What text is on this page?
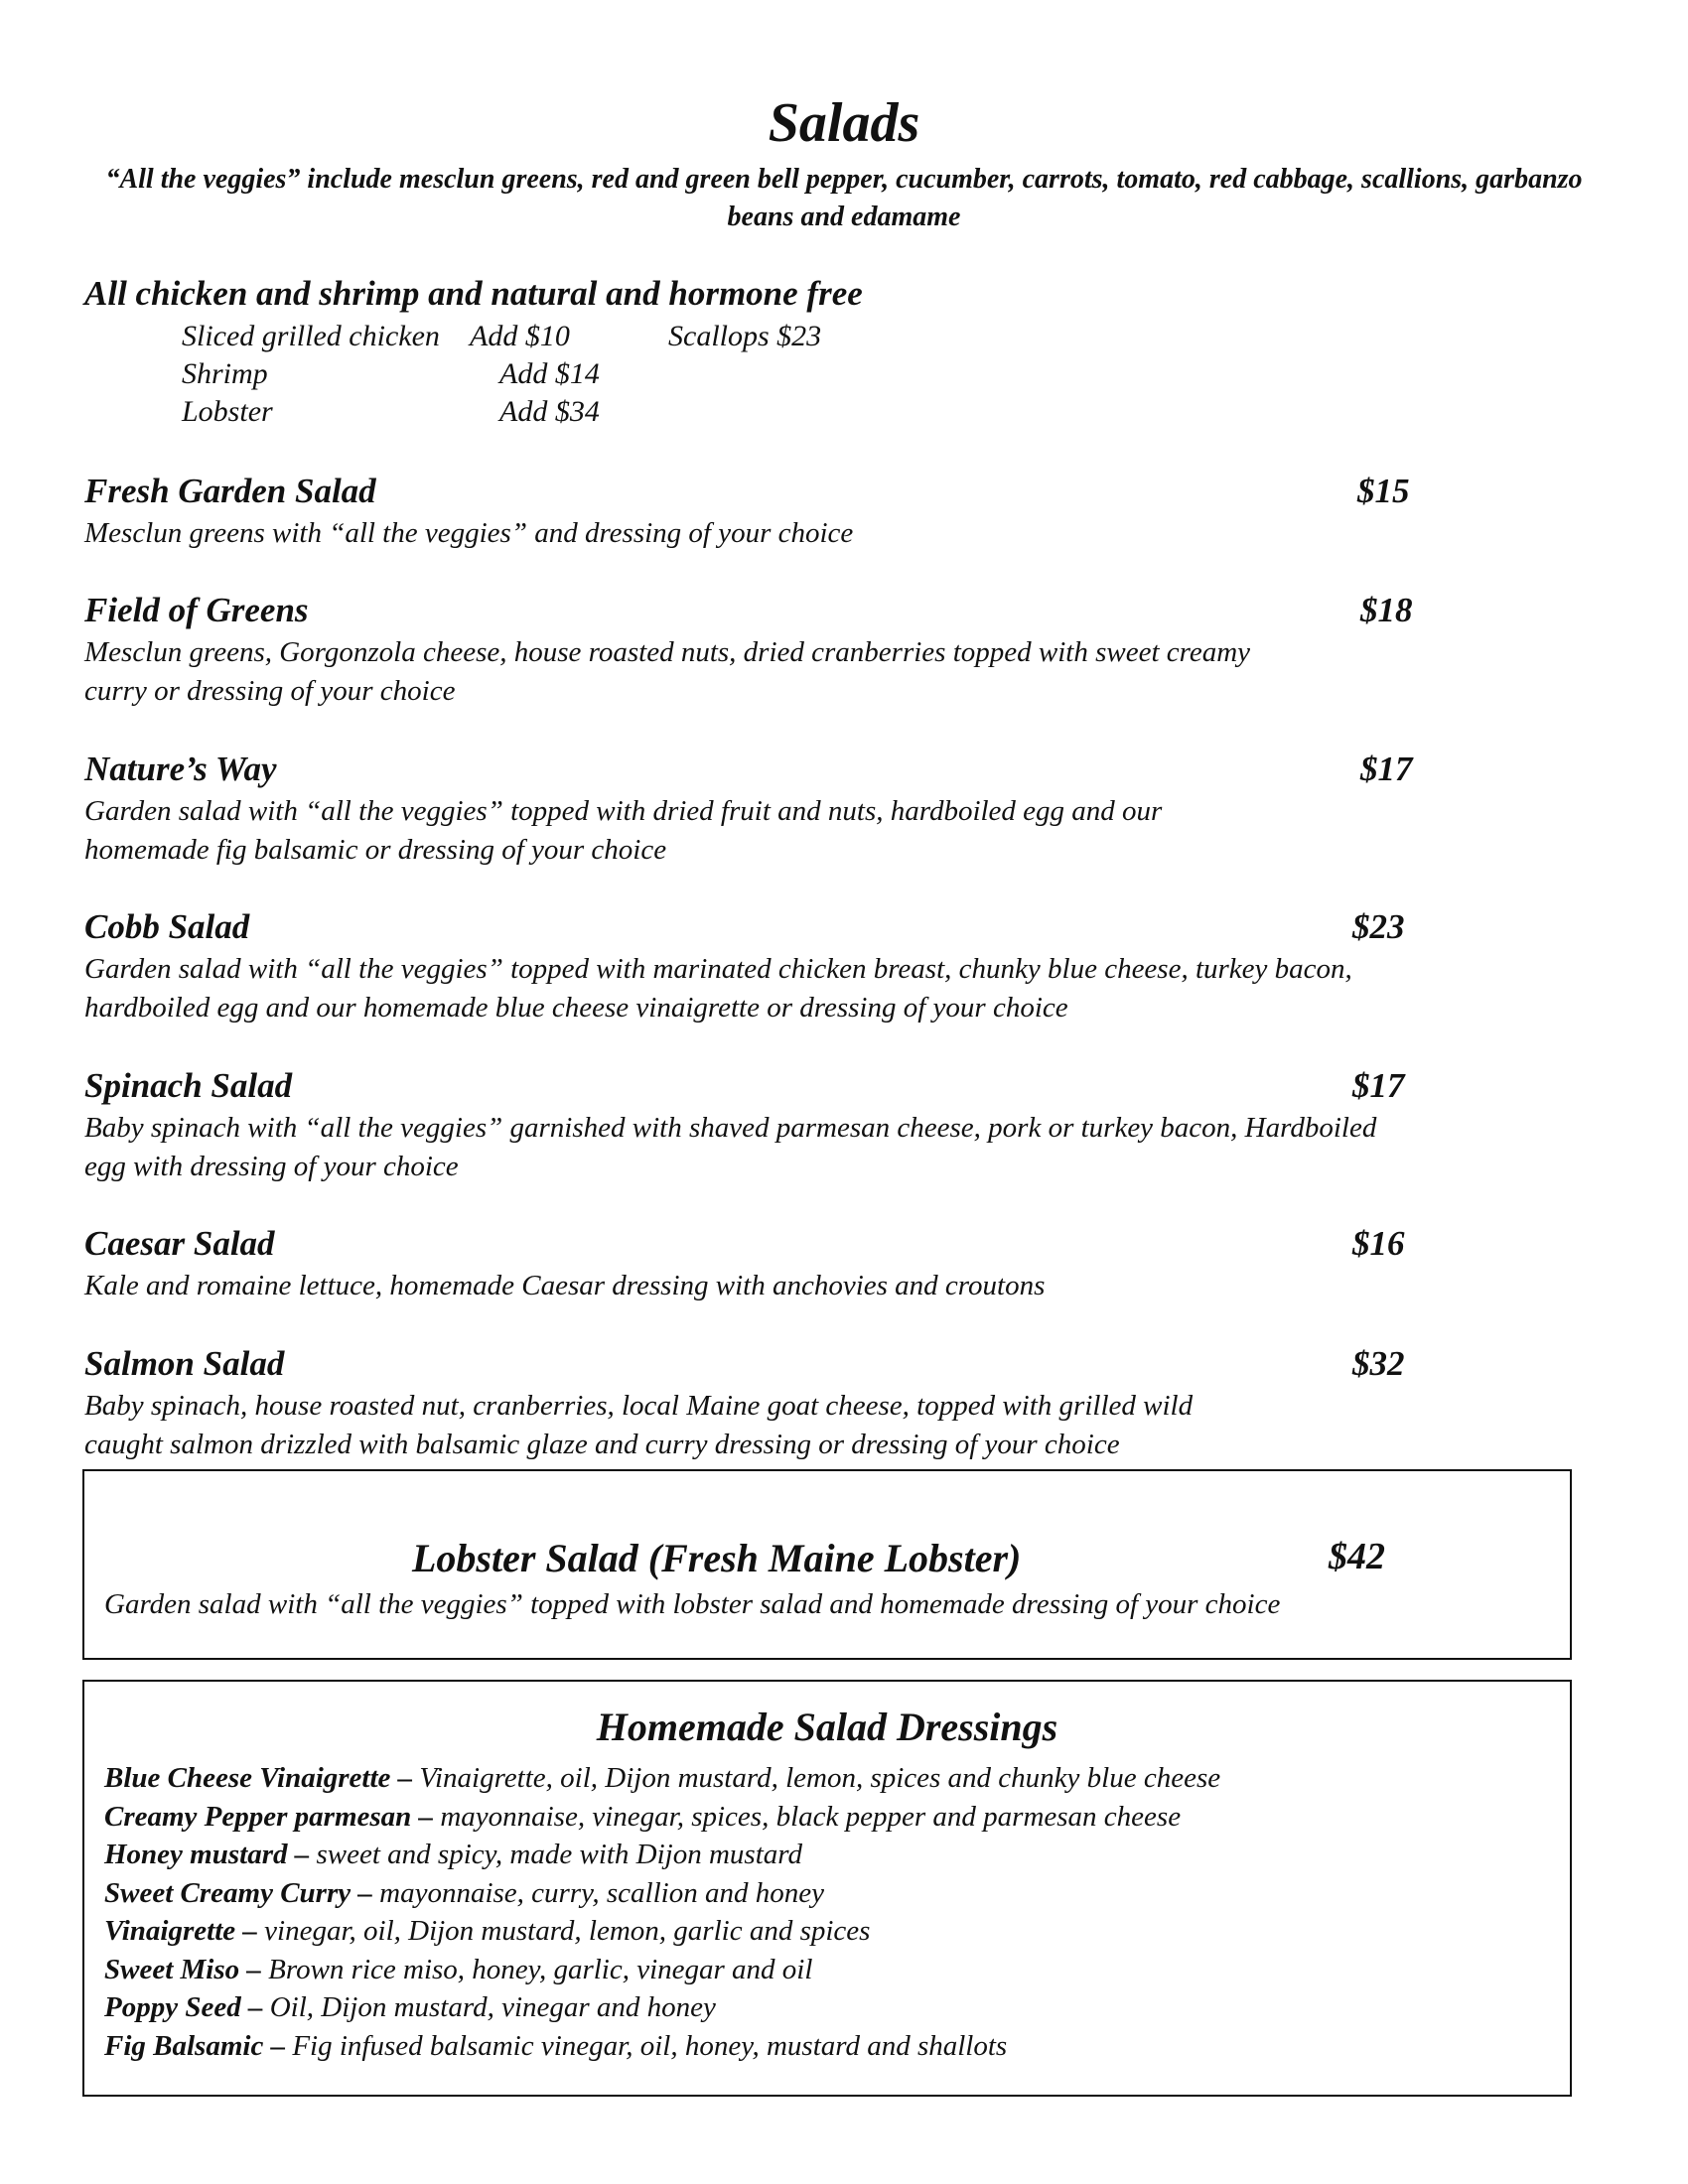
Salads
“All the veggies” include mesclun greens, red and green bell pepper, cucumber, carrots, tomato, red cabbage, scallions, garbanzo beans and edamame
All chicken and shrimp and natural and hormone free
Sliced grilled chicken Add $10	Scallops $23
Shrimp	Add $14
Lobster	Add $34
Fresh Garden Salad	$15
Mesclun greens with “all the veggies” and dressing of your choice
Field of Greens	$18
Mesclun greens, Gorgonzola cheese, house roasted nuts, dried cranberries topped with sweet creamy curry or dressing of your choice
Nature’s Way	$17
Garden salad with “all the veggies” topped with dried fruit and nuts, hardboiled egg and our homemade fig balsamic or dressing of your choice
Cobb Salad	$23
Garden salad with “all the veggies” topped with marinated chicken breast, chunky blue cheese, turkey bacon, hardboiled egg and our homemade blue cheese vinaigrette or dressing of your choice
Spinach Salad	$17
Baby spinach with “all the veggies” garnished with shaved parmesan cheese, pork or turkey bacon, Hardboiled egg with dressing of your choice
Caesar Salad	$16
Kale and romaine lettuce, homemade Caesar dressing with anchovies and croutons
Salmon Salad	$32
Baby spinach, house roasted nut, cranberries, local Maine goat cheese, topped with grilled wild caught salmon drizzled with balsamic glaze and curry dressing or dressing of your choice
Lobster Salad (Fresh Maine Lobster)	$42
Garden salad with “all the veggies” topped with lobster salad and homemade dressing of your choice
Homemade Salad Dressings
Blue Cheese Vinaigrette – Vinaigrette, oil, Dijon mustard, lemon, spices and chunky blue cheese
Creamy Pepper parmesan – mayonnaise, vinegar, spices, black pepper and parmesan cheese
Honey mustard – sweet and spicy, made with Dijon mustard
Sweet Creamy Curry – mayonnaise, curry, scallion and honey
Vinaigrette – vinegar, oil, Dijon mustard, lemon, garlic and spices
Sweet Miso – Brown rice miso, honey, garlic, vinegar and oil
Poppy Seed – Oil, Dijon mustard, vinegar and honey
Fig Balsamic – Fig infused balsamic vinegar, oil, honey, mustard and shallots
